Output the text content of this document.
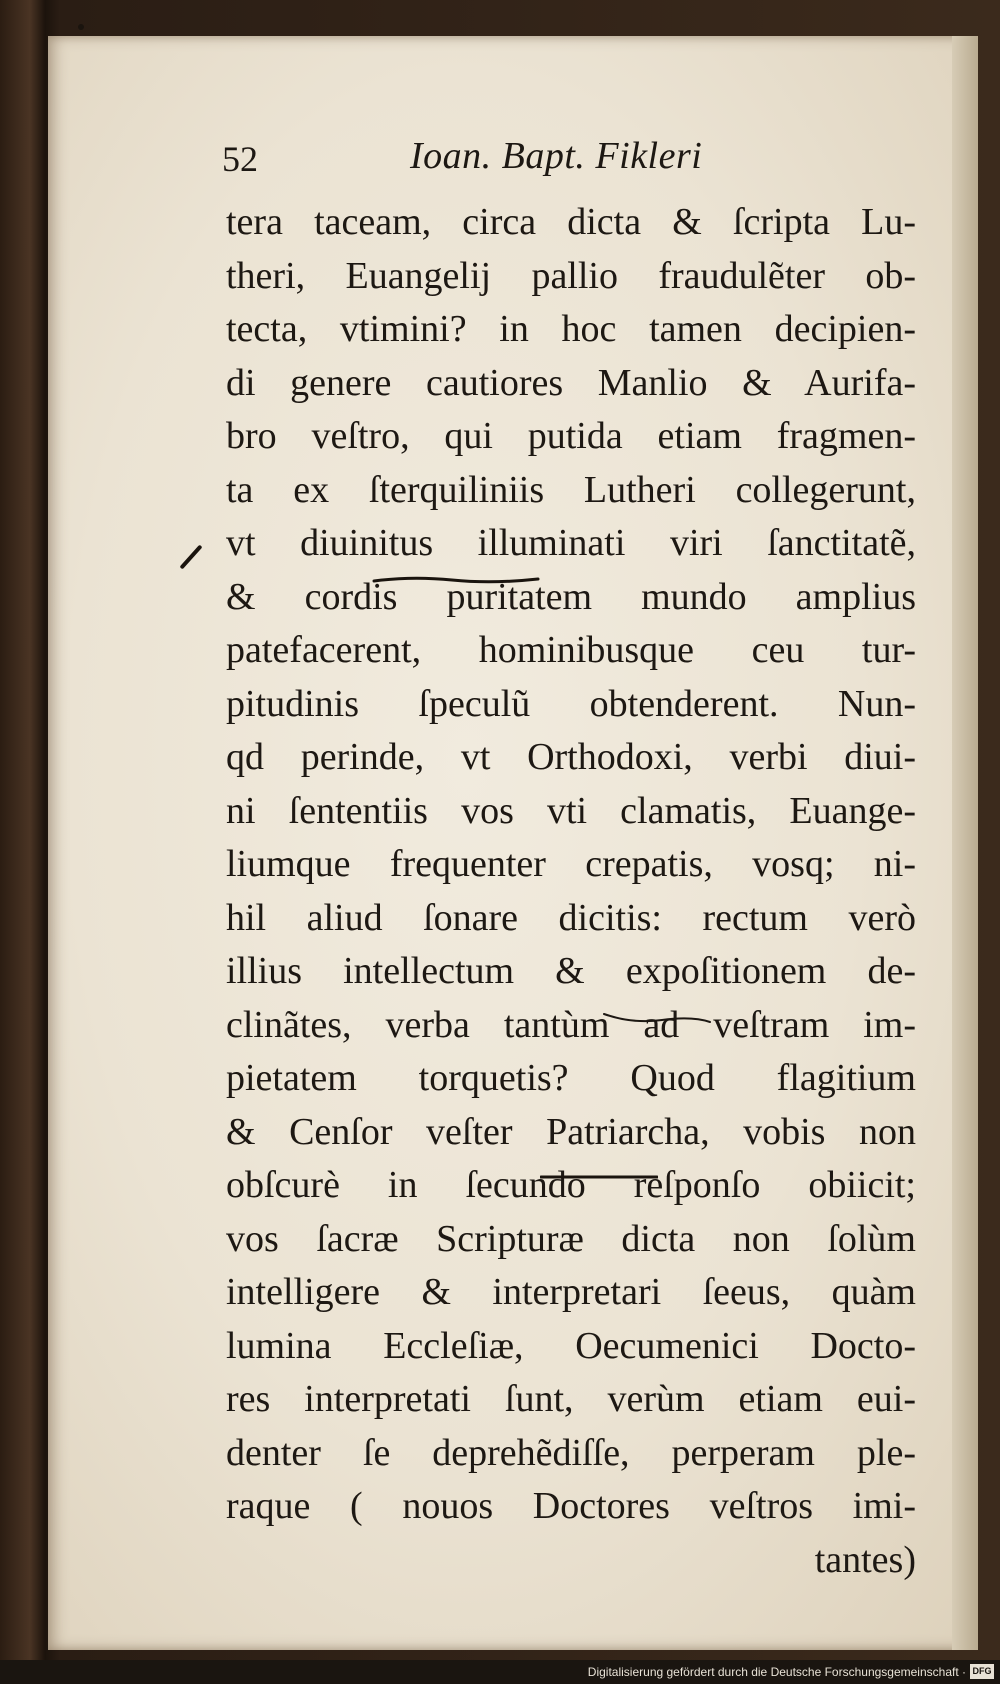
52	Ioan. Bapt. Fikleri
tera taceam, circa dicta & ſcripta Lu-
theri, Euangelij pallio fraudulẽter ob-
tecta, vtimini? in hoc tamen decipien-
di genere cautiores Manlio & Aurifa-
bro veſtro, qui putida etiam fragmen-
ta ex ſterquiliniis Lutheri collegerunt,
vt diuinitus illuminati viri ſanctitatẽ,
& cordis puritatem mundo amplius
patefacerent, hominibusque ceu tur-
pitudinis ſpeculũ obtenderent. Nun-
qd perinde, vt Orthodoxi, verbi diui-
ni ſententiis vos vti clamatis, Euange-
liumque frequenter crepatis, vosq; ni-
hil aliud ſonare dicitis: rectum verò
illius intellectum & expoſitionem de-
clinãtes, verba tantùm ad veſtram im-
pietatem torquetis? Quod flagitium
& Cenſor veſter Patriarcha, vobis non
obſcurè in ſecundo reſponſo obiicit;
vos ſacræ Scripturæ dicta non ſolùm
intelligere & interpretari ſeeus, quàm
lumina Eccleſiæ, Oecumenici Docto-
res interpretati ſunt, verùm etiam eui-
denter ſe deprehẽdiſſe, perperam ple-
raque ( nouos Doctores veſtros imi-
tantes)
Digitalisierung gefördert durch die Deutsche Forschungsgemeinschaft · DFG
